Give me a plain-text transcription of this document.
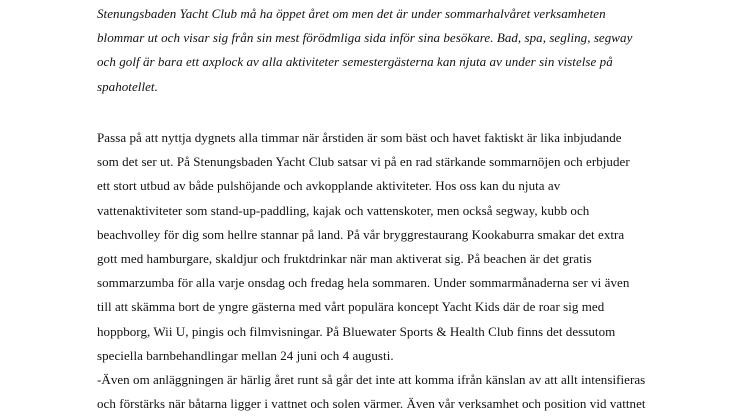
Stenungsbaden Yacht Club må ha öppet året om men det är under sommarhalvåret verksamheten
blommar ut och visar sig från sin mest förödmliga sida inför sina besökare. Bad, spa, segling, segway
och golf är bara ett axplock av alla aktiviteter semestergästerna kan njuta av under sin vistelse på
spahotellet.
Passa på att nyttja dygnets alla timmar när årstiden är som bäst och havet faktiskt är lika inbjudande
som det ser ut. På Stenungsbaden Yacht Club satsar vi på en rad stärkande sommarnöjen och erbjuder
ett stort utbud av både pulshöjande och avkopplande aktiviteter. Hos oss kan du njuta av
vattenaktiviteter som stand-up-paddling, kajak och vattenskoter, men också segway, kubb och
beachvolley för dig som hellre stannar på land. På vår bryggrestaurang Kookaburra smakar det extra
gott med hamburgare, skaldjur och fruktdrinkar när man aktiverat sig. På beachen är det gratis
sommarzumba för alla varje onsdag och fredag hela sommaren. Under sommarmånaderna ser vi även
till att skämma bort de yngre gästerna med vårt populära koncept Yacht Kids där de roar sig med
hoppborg, Wii U, pingis och filmvisningar. På Bluewater Sports & Health Club finns det dessutom
speciella barnbehandlingar mellan 24 juni och 4 augusti.
-Även om anläggningen är härlig året runt så går det inte att komma ifrån känslan av att allt intensifieras
och förstärks när båtarna ligger i vattnet och solen värmer. Även vår verksamhet och position vid vattnet
